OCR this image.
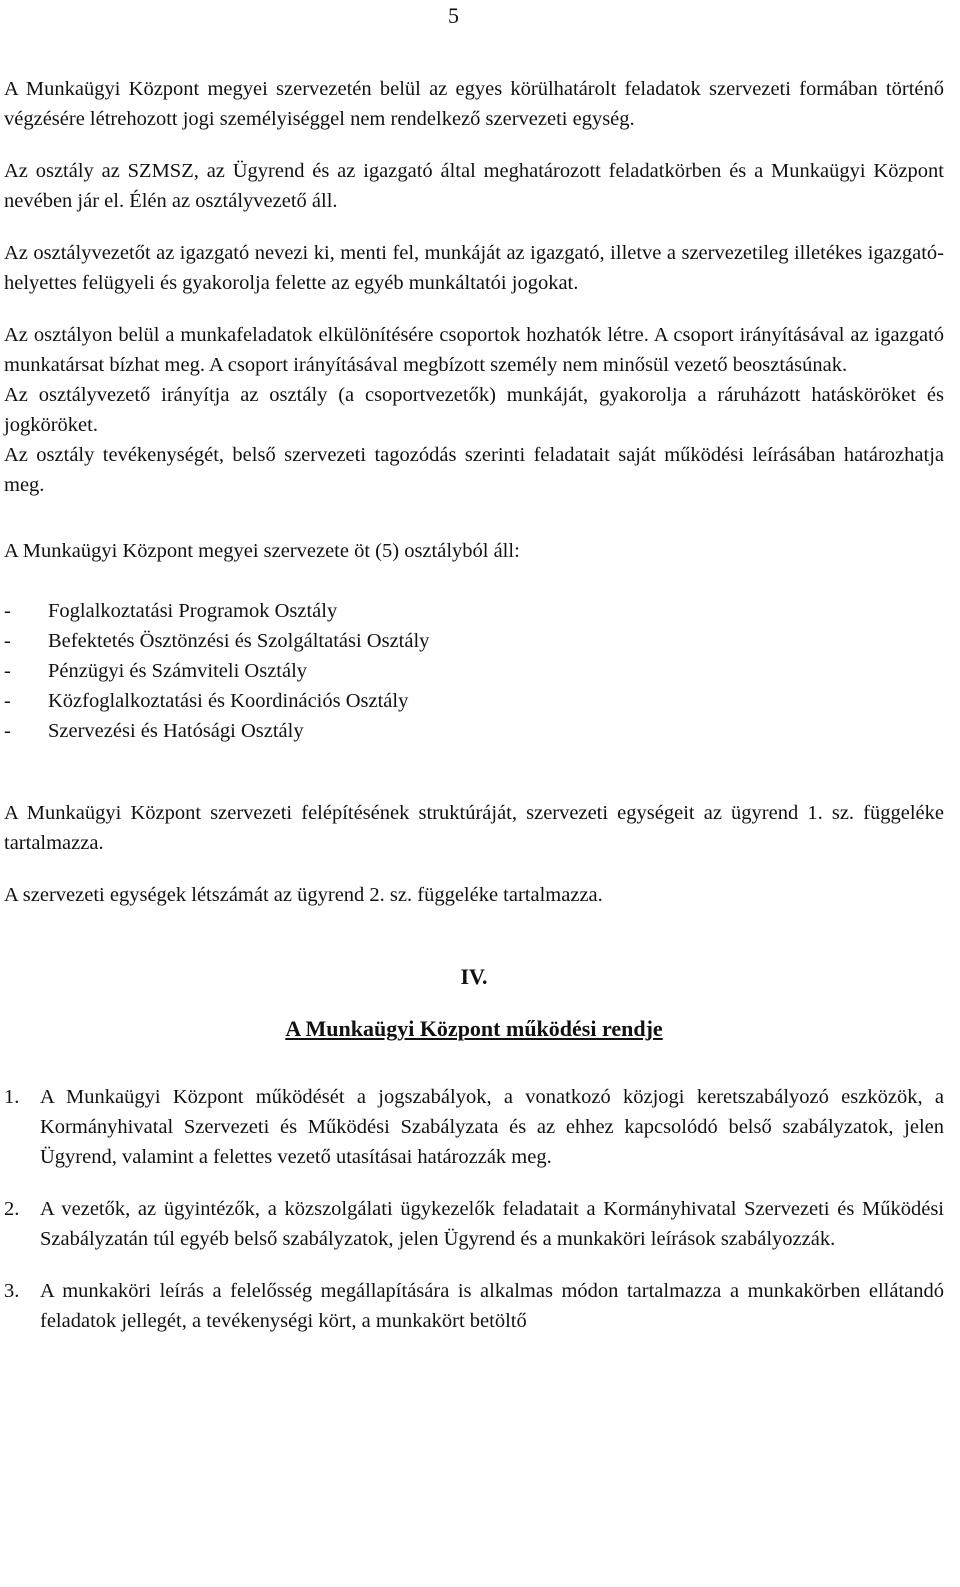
5

A Munkaügyi Központ megyei szervezetén belül az egyes körülhatárolt feladatok szervezeti formában történő végzésére létrehozott jogi személyiséggel nem rendelkező szervezeti egység.

Az osztály az SZMSZ, az Ügyrend és az igazgató által meghatározott feladatkörben és a Munkaügyi Központ nevében jár el. Élén az osztályvezető áll.

Az osztályvezetőt az igazgató nevezi ki, menti fel, munkáját az igazgató, illetve a szervezetileg illetékes igazgató-helyettes felügyeli és gyakorolja felette az egyéb munkáltatói jogokat.

Az osztályon belül a munkafeladatok elkülönítésére csoportok hozhatók létre. A csoport irányításával az igazgató munkatársat bízhat meg. A csoport irányításával megbízott személy nem minősül vezető beosztásúnak.

Az osztályvezető irányítja az osztály (a csoportvezetők) munkáját, gyakorolja a ráruházott hatásköröket és jogköröket.

Az osztály tevékenységét, belső szervezeti tagozódás szerinti feladatait saját működési leírásában határozhatja meg.

A Munkaügyi Központ megyei szervezete öt (5) osztályból áll:

- Foglalkoztatási Programok Osztály
- Befektetés Ösztönzési és Szolgáltatási Osztály
- Pénzügyi és Számviteli Osztály
- Közfoglalkoztatási és Koordinációs Osztály
- Szervezési és Hatósági Osztály

A Munkaügyi Központ szervezeti felépítésének struktúráját, szervezeti egységeit az ügyrend 1. sz. függeléke tartalmazza.

A szervezeti egységek létszámát az ügyrend 2. sz. függeléke tartalmazza.

IV.
A Munkaügyi Központ működési rendje
1.	A Munkaügyi Központ működését a jogszabályok, a vonatkozó közjogi keretszabályozó eszközök, a Kormányhivatal Szervezeti és Működési Szabályzata és az ehhez kapcsolódó belső szabályzatok, jelen Ügyrend, valamint a felettes vezető utasításai határozzák meg.
2.	A vezetők, az ügyintézők, a közszolgálati ügykezelők feladatait a Kormányhivatal Szervezeti és Működési Szabályzatán túl egyéb belső szabályzatok, jelen Ügyrend és a munkaköri leírások szabályozzák.
3.	A munkaköri leírás a felelősség megállapítására is alkalmas módon tartalmazza a munkakörben ellátandó feladatok jellegét, a tevékenységi kört, a munkakört betöltő
